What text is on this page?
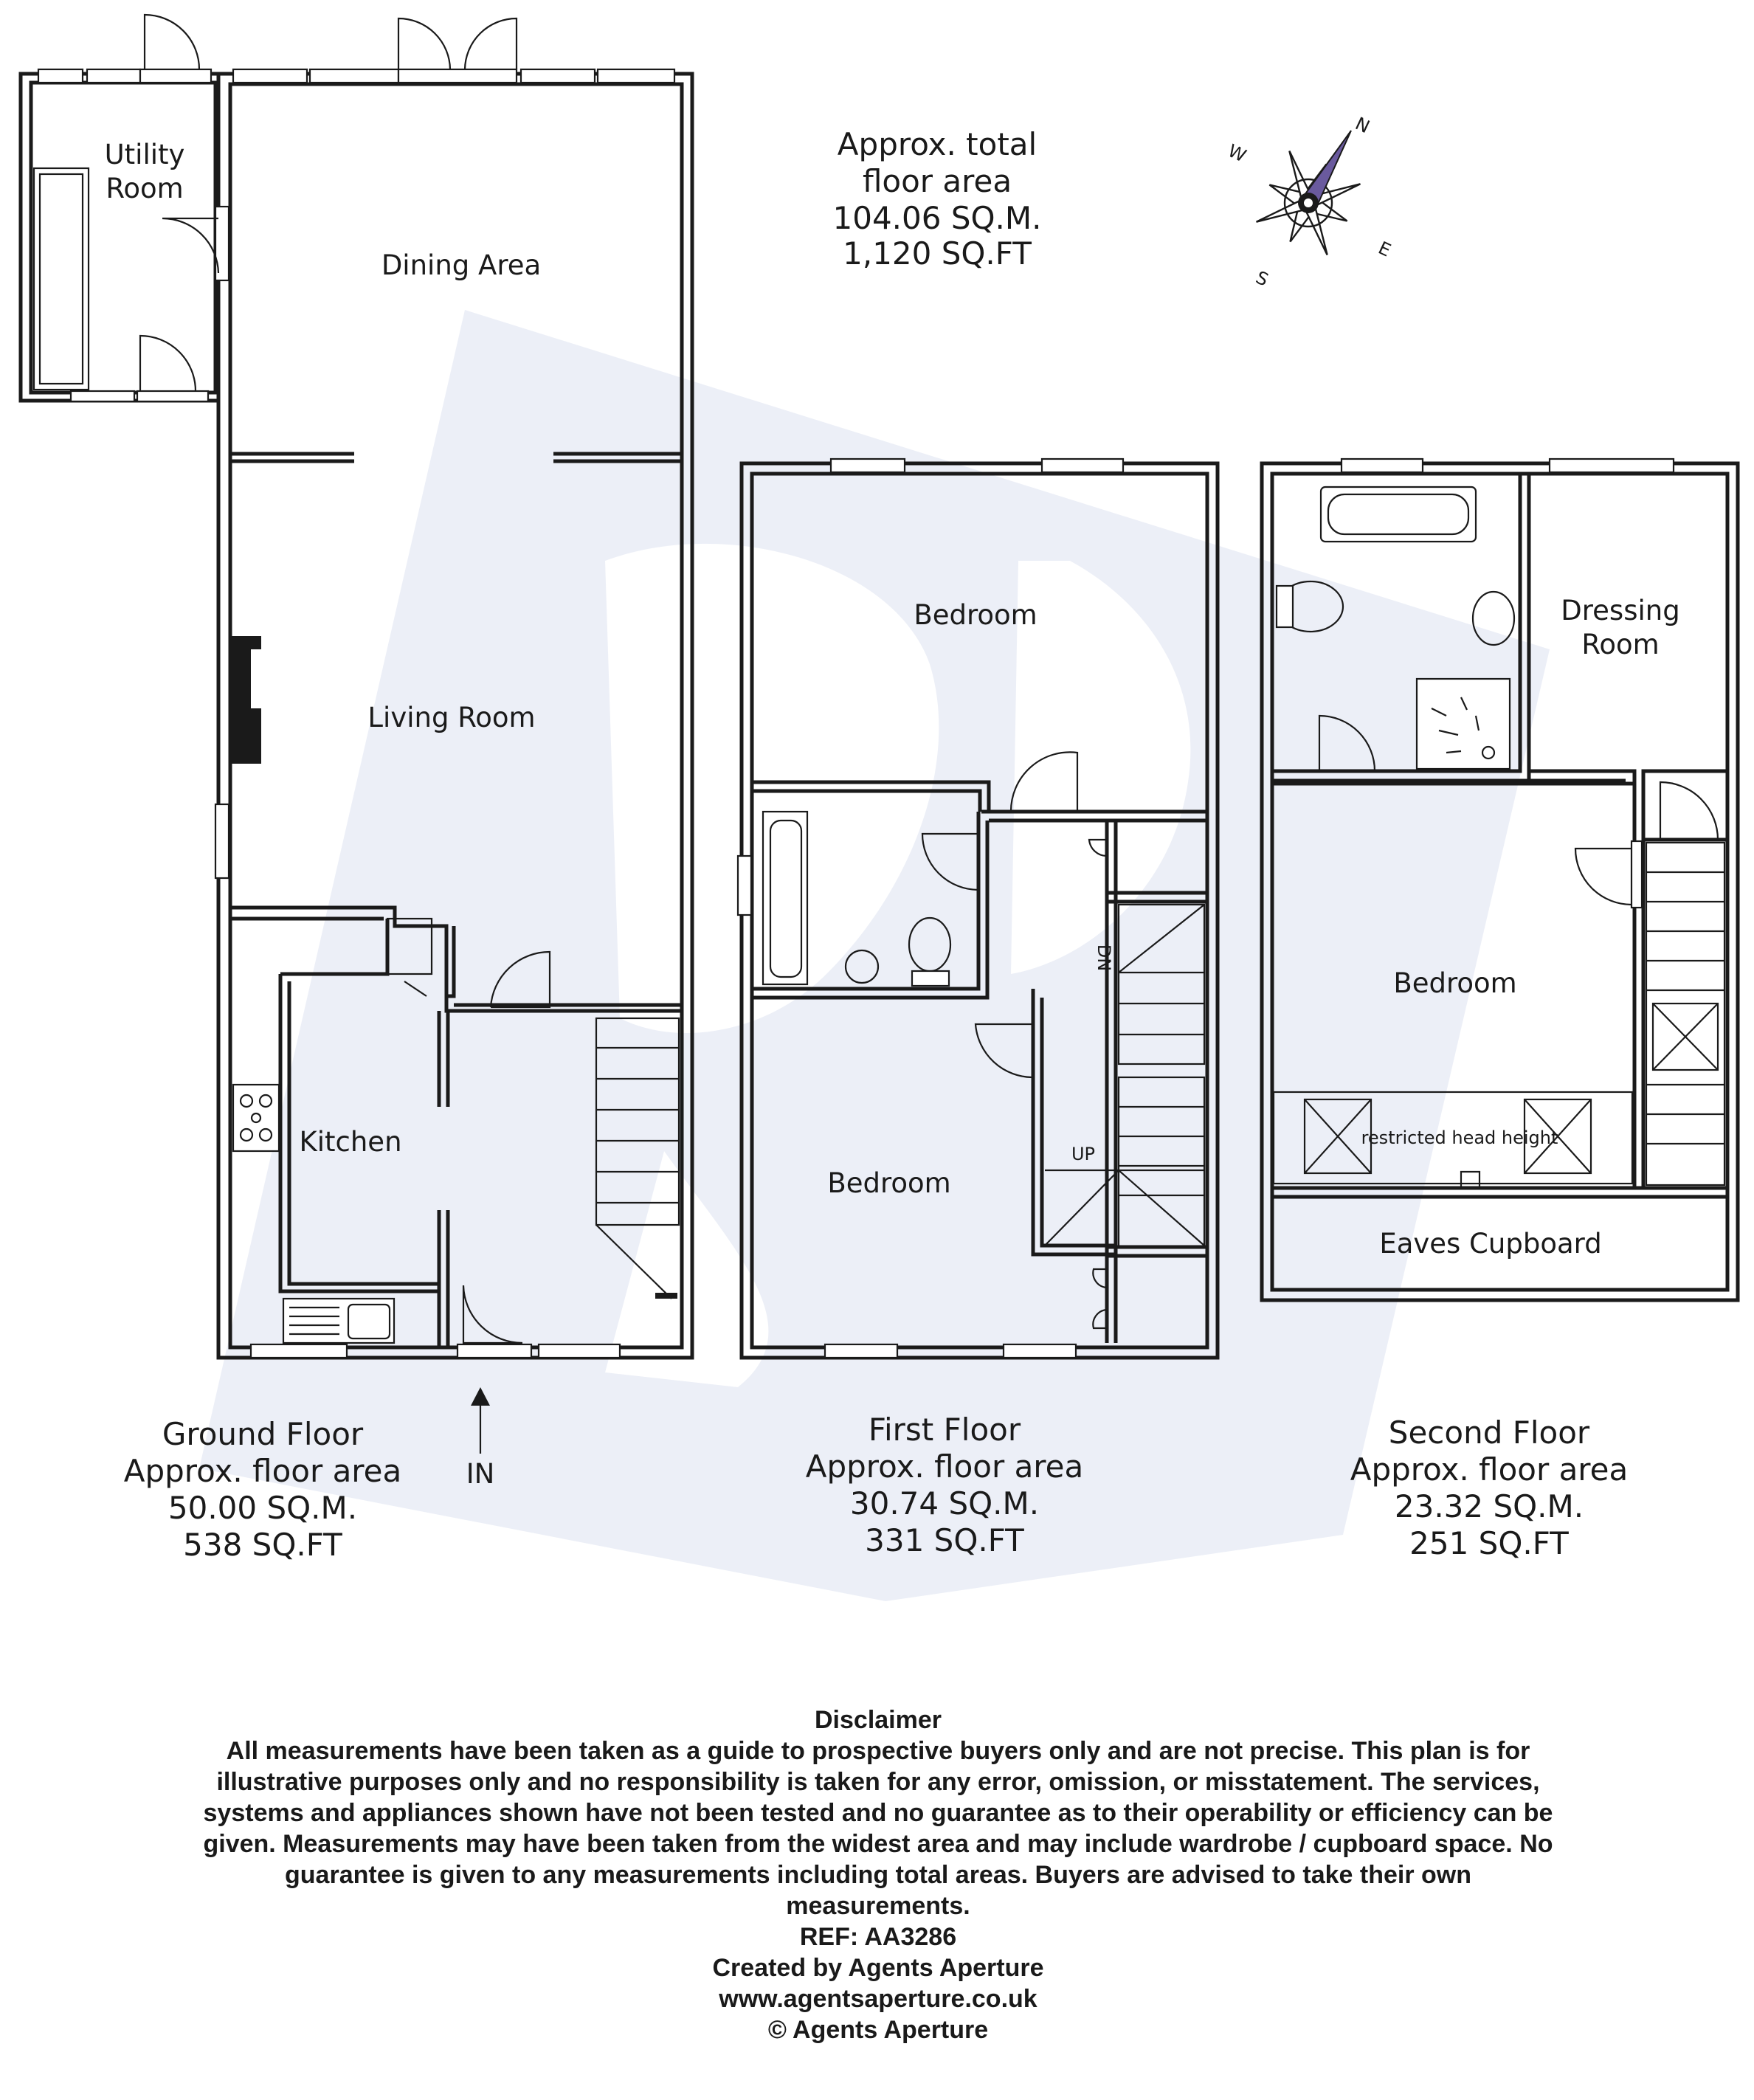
N
E
S
W
Approx. total
floor area
104.06 SQ.M.
1,120 SQ.FT
Utility
Room
Dining Area
Living Room
Kitchen
IN
Bedroom
Bedroom
DN
UP
Dressing
Room
Bedroom
restricted head height
Eaves Cupboard
Ground Floor
Approx. floor area
50.00 SQ.M.
538 SQ.FT
First Floor
Approx. floor area
30.74 SQ.M.
331 SQ.FT
Second Floor
Approx. floor area
23.32 SQ.M.
251 SQ.FT
Disclaimer
All measurements have been taken as a guide to prospective buyers only and are not precise. This plan is for illustrative purposes only and no responsibility is taken for any error, omission, or misstatement. The services, systems and appliances shown have not been tested and no guarantee as to their operability or efficiency can be given. Measurements may have been taken from the widest area and may include wardrobe / cupboard space. No guarantee is given to any measurements including total areas. Buyers are advised to take their own measurements.
REF: AA3286
Created by Agents Aperture
www.agentsaperture.co.uk
© Agents Aperture
